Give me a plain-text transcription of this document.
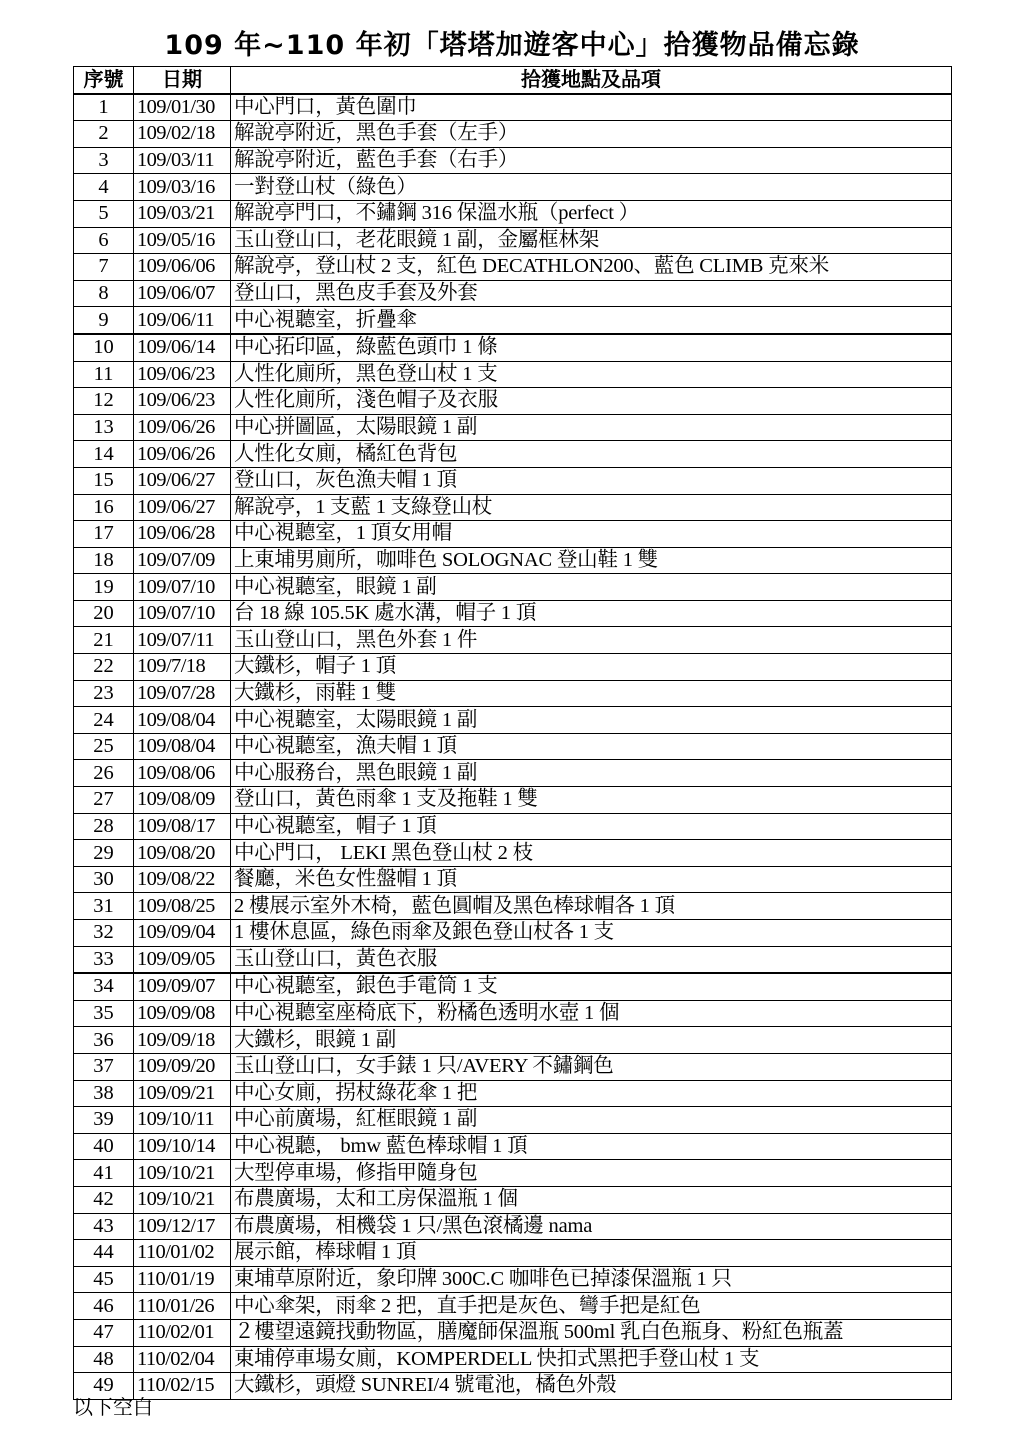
109 年~110 年初「塔塔加遊客中心」拾獲物品備忘錄
序號	日期	拾獲地點及品項
1	109/01/30	中心門口，黃色圍巾
2	109/02/18	解說亭附近，黑色手套（左手）
3	109/03/11	解說亭附近，藍色手套（右手）
4	109/03/16	一對登山杖（綠色）
5	109/03/21	解說亭門口，不鏽鋼 316 保溫水瓶（perfect ）
6	109/05/16	玉山登山口，老花眼鏡 1 副，金屬框林架
7	109/06/06	解說亭，登山杖 2 支，紅色 DECATHLON200、藍色 CLIMB 克來米
8	109/06/07	登山口，黑色皮手套及外套
9	109/06/11	中心視聽室，折疊傘
10	109/06/14	中心拓印區，綠藍色頭巾 1 條
11	109/06/23	人性化廁所，黑色登山杖 1 支
12	109/06/23	人性化廁所，淺色帽子及衣服
13	109/06/26	中心拼圖區，太陽眼鏡 1 副
14	109/06/26	人性化女廁，橘紅色背包
15	109/06/27	登山口，灰色漁夫帽 1 頂
16	109/06/27	解說亭，1 支藍 1 支綠登山杖
17	109/06/28	中心視聽室，1 頂女用帽
18	109/07/09	上東埔男廁所，咖啡色 SOLOGNAC 登山鞋 1 雙
19	109/07/10	中心視聽室，眼鏡 1 副
20	109/07/10	台 18 線 105.5K 處水溝，帽子 1 頂
21	109/07/11	玉山登山口，黑色外套 1 件
22	109/7/18	大鐵杉，帽子 1 頂
23	109/07/28	大鐵杉，雨鞋 1 雙
24	109/08/04	中心視聽室，太陽眼鏡 1 副
25	109/08/04	中心視聽室，漁夫帽 1 頂
26	109/08/06	中心服務台，黑色眼鏡 1 副
27	109/08/09	登山口，黃色雨傘 1 支及拖鞋 1 雙
28	109/08/17	中心視聽室，帽子 1 頂
29	109/08/20	中心門口， LEKI 黑色登山杖 2 枝
30	109/08/22	餐廳，米色女性盤帽 1 頂
31	109/08/25	2 樓展示室外木椅，藍色圓帽及黑色棒球帽各 1 頂
32	109/09/04	1 樓休息區，綠色雨傘及銀色登山杖各 1 支
33	109/09/05	玉山登山口，黃色衣服
34	109/09/07	中心視聽室，銀色手電筒 1 支
35	109/09/08	中心視聽室座椅底下，粉橘色透明水壺 1 個
36	109/09/18	大鐵杉，眼鏡 1 副
37	109/09/20	玉山登山口，女手錶 1 只/AVERY 不鏽鋼色
38	109/09/21	中心女廁，拐杖綠花傘 1 把
39	109/10/11	中心前廣場，紅框眼鏡 1 副
40	109/10/14	中心視聽， bmw 藍色棒球帽 1 頂
41	109/10/21	大型停車場，修指甲隨身包
42	109/10/21	布農廣場，太和工房保溫瓶 1 個
43	109/12/17	布農廣場，相機袋 1 只/黑色滾橘邊 nama
44	110/01/02	展示館，棒球帽 1 頂
45	110/01/19	東埔草原附近，象印牌 300C.C 咖啡色已掉漆保溫瓶 1 只
46	110/01/26	中心傘架，雨傘 2 把，直手把是灰色、彎手把是紅色
47	110/02/01	２樓望遠鏡找動物區，膳魔師保溫瓶 500ml 乳白色瓶身、粉紅色瓶蓋
48	110/02/04	東埔停車場女廁，KOMPERDELL 快扣式黑把手登山杖 1 支
49	110/02/15	大鐵杉，頭燈 SUNREI/4 號電池，橘色外殼
以下空白
